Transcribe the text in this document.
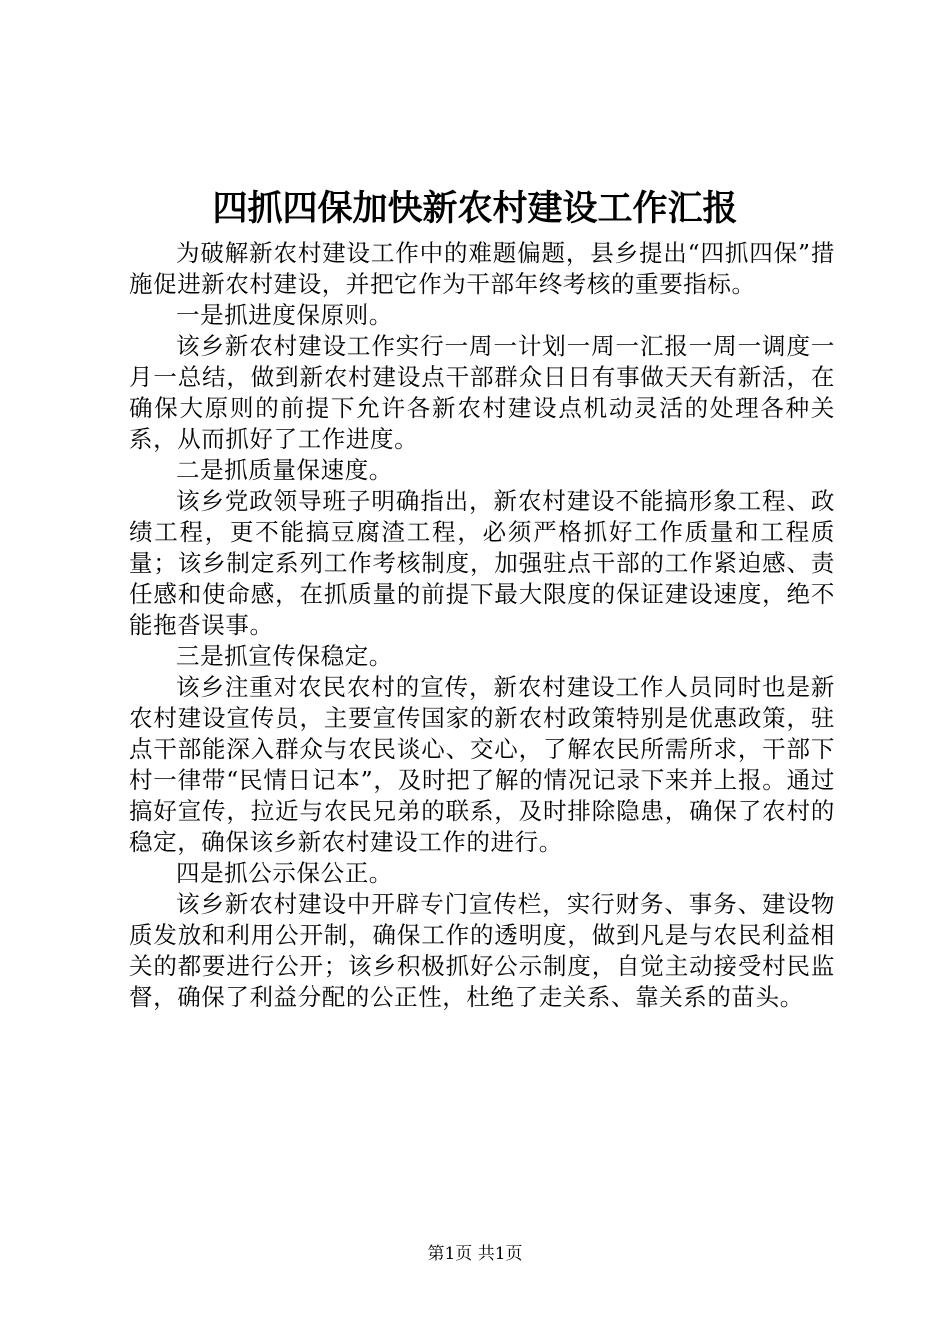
四抓四保加快新农村建设工作汇报

为破解新农村建设工作中的难题偏题，县乡提出“四抓四保”措施促进新农村建设，并把它作为干部年终考核的重要指标。

一是抓进度保原则。

该乡新农村建设工作实行一周一计划一周一汇报一周一调度一月一总结，做到新农村建设点干部群众日日有事做天天有新活，在确保大原则的前提下允许各新农村建设点机动灵活的处理各种关系，从而抓好了工作进度。

二是抓质量保速度。

该乡党政领导班子明确指出，新农村建设不能搞形象工程、政绩工程，更不能搞豆腐渣工程，必须严格抓好工作质量和工程质量；该乡制定系列工作考核制度，加强驻点干部的工作紧迫感、责任感和使命感，在抓质量的前提下最大限度的保证建设速度，绝不能拖沓误事。

三是抓宣传保稳定。

该乡注重对农民农村的宣传，新农村建设工作人员同时也是新农村建设宣传员，主要宣传国家的新农村政策特别是优惠政策，驻点干部能深入群众与农民谈心、交心，了解农民所需所求，干部下村一律带“民情日记本”，及时把了解的情况记录下来并上报。通过搞好宣传，拉近与农民兄弟的联系，及时排除隐患，确保了农村的稳定，确保该乡新农村建设工作的进行。

四是抓公示保公正。

该乡新农村建设中开辟专门宣传栏，实行财务、事务、建设物质发放和利用公开制，确保工作的透明度，做到凡是与农民利益相关的都要进行公开；该乡积极抓好公示制度，自觉主动接受村民监督，确保了利益分配的公正性，杜绝了走关系、靠关系的苗头。

第1页 共1页
